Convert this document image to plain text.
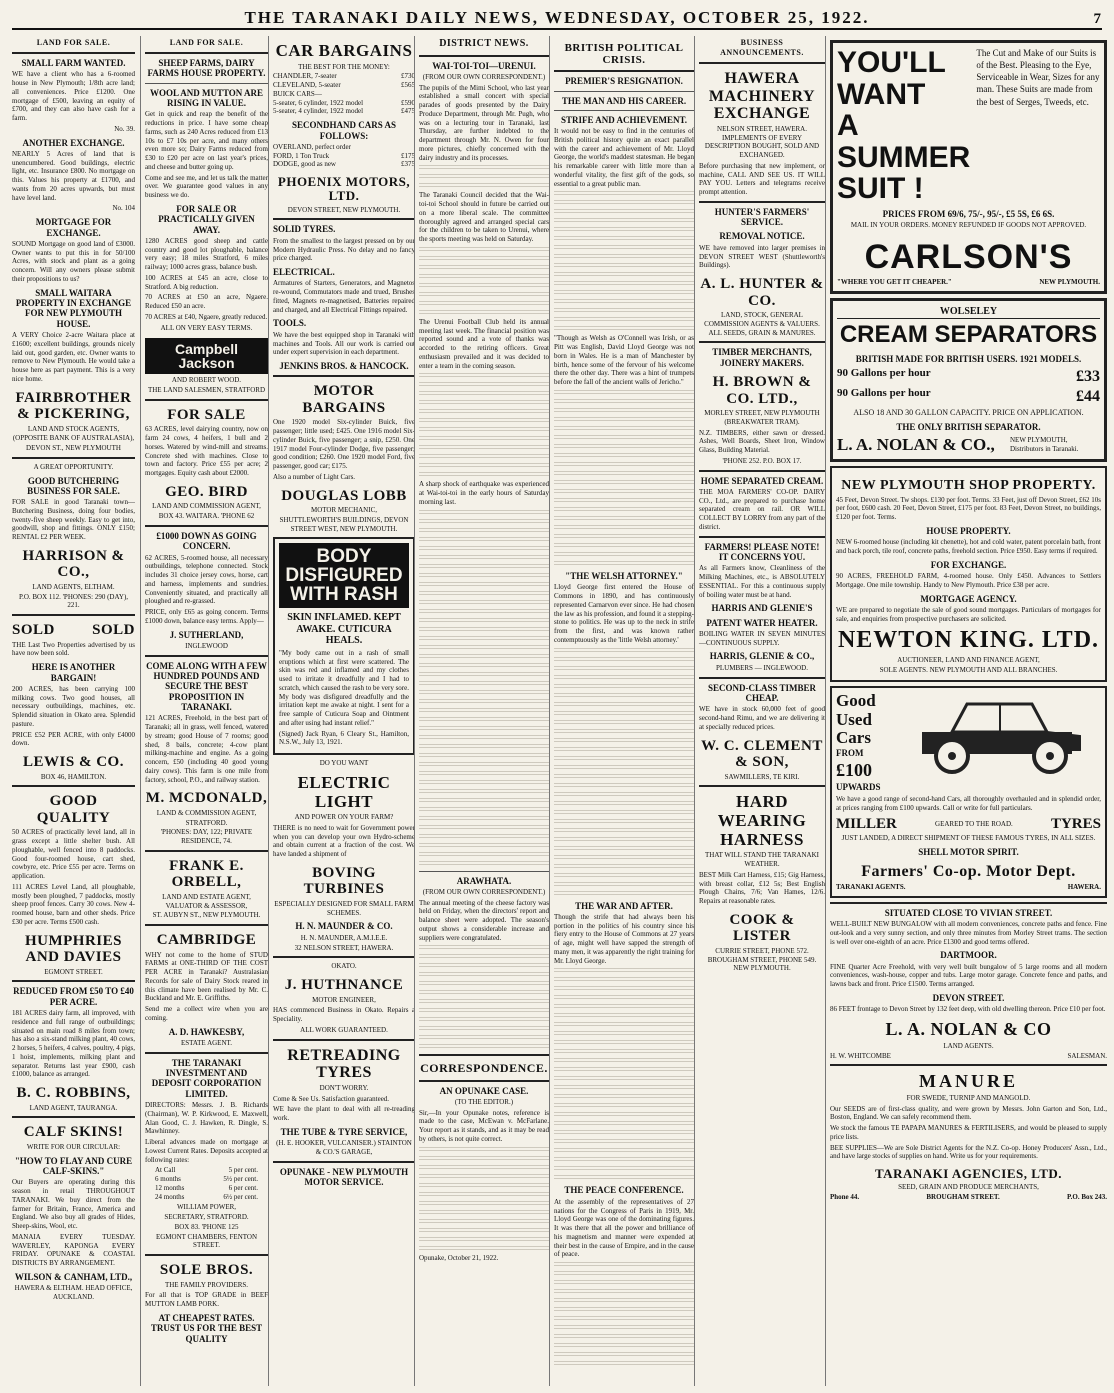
THE TARANAKI DAILY NEWS, WEDNESDAY, OCTOBER 25, 1922.	7
LAND FOR SALE.
SMALL FARM WANTED.
WE have a client who has a 6-roomed house in New Plymouth; 1/8th acre land; all conveniences. Price £1200. One mortgage of £500, leaving an equity of £700, and they can also have cash for a farm.
No. 39.
ANOTHER EXCHANGE.
NEARLY 5 Acres of land that is unencumbered. Good buildings, electric light, etc. Insurance £800. No mortgage on this. Values his property at £1700, and wants from 20 acres upwards, but must have level land.
No. 104
MORTGAGE FOR EXCHANGE.
SOUND Mortgage on good land of £3000. Owner wants to put this in for 50/100 Acres, with stock and plant as a going concern. Will any owners please submit their propositions to us?
SMALL WAITARA PROPERTY IN EXCHANGE FOR NEW PLYMOUTH HOUSE.
A VERY Choice 2-acre Waitara place at £1600; excellent buildings, grounds nicely laid out, good garden, etc. Owner wants to remove to New Plymouth. He would take a house here as part payment. This is a very nice home.
FAIRBROTHER & PICKERING,
LAND AND STOCK AGENTS,
(OPPOSITE BANK OF AUSTRALASIA),
DEVON ST., NEW PLYMOUTH
A GREAT OPPORTUNITY.
GOOD BUTCHERING BUSINESS FOR SALE.
FOR SALE in good Taranaki town—Butchering Business, doing four bodies, twenty-five sheep weekly. Easy to get into, goodwill, shop and fittings. ONLY £150; RENTAL £2 PER WEEK.
HARRISON & CO.,
LAND AGENTS, ELTHAM.
P.O. BOX 112. 'PHONES: 290 (DAY), 221.
SOLD SOLD
THE Last Two Properties advertised by us have now been sold.
HERE IS ANOTHER BARGAIN!
200 ACRES, has been carrying 100 milking cows. Two good houses, all necessary outbuildings, machines, etc. Splendid situation in Okato area. Splendid pasture.
PRICE £52 PER ACRE, with only £4000 down.
LEWIS & CO.
BOX 46, HAMILTON.
GOOD QUALITY
50 ACRES of practically level land, all in grass except a little shelter bush. All ploughable, well fenced into 8 paddocks. Good four-roomed house, cart shed, cowbyre, etc. Price £55 per acre. Terms on application.
111 ACRES Level Land, all ploughable, mostly been ploughed, 7 paddocks, mostly sheep proof fences. Carry 30 cows. New 4-roomed house, barn and other sheds. Price £30 per acre. Terms £500 cash.
HUMPHRIES AND DAVIES
EGMONT STREET.
REDUCED FROM £50 TO £40 PER ACRE.
181 ACRES dairy farm, all improved, with residence and full range of outbuildings; situated on main road 8 miles from town; has also a six-stand milking plant, 40 cows, 2 horses, 5 heifers, 4 calves, poultry, 4 pigs, 1 hoist, implements, milking plant and separator. Returns last year £900, cash £1000, balance as arranged.
B. C. ROBBINS,
LAND AGENT, TAURANGA.
CALF SKINS!
WRITE FOR OUR CIRCULAR:
"HOW TO FLAY AND CURE CALF-SKINS."
Our Buyers are operating during this season in retail THROUGHOUT TARANAKI. We buy direct from the farmer for Britain, France, America and England. We also buy all grades of Hides, Sheep-skins, Wool, etc.
MANAIA EVERY TUESDAY. WAVERLEY, KAPONGA EVERY FRIDAY. OPUNAKE & COASTAL DISTRICTS BY ARRANGEMENT.
WILSON & CANHAM, LTD.,
HAWERA & ELTHAM. HEAD OFFICE, AUCKLAND.
LAND FOR SALE.
SHEEP FARMS, DAIRY FARMS HOUSE PROPERTY.
WOOL AND MUTTON ARE RISING IN VALUE.
Get in quick and reap the benefit of the reductions in price. I have some cheap farms, such as 240 Acres reduced from £13 10s to £7 10s per acre, and many others even more so; Dairy Farms reduced from £30 to £20 per acre on last year's prices, and cheese and butter going up.
Come and see me, and let us talk the matter over. We guarantee good values in any business we do.
FOR SALE OR PRACTICALLY GIVEN AWAY.
1280 ACRES good sheep and cattle country and good lot ploughable, balance very easy; 18 miles Stratford, 6 miles railway; 1000 acres grass, balance bush.
100 ACRES at £45 an acre, close to Stratford. A big reduction.
70 ACRES at £50 an acre, Ngaere. Reduced £50 an acre.
70 ACRES at £40, Ngaere, greatly reduced.
ALL ON VERY EASY TERMS.
Campbell Jackson
AND ROBERT WOOD.
THE LAND SALESMEN, STRATFORD
FOR SALE
63 ACRES, level dairying country, now on farm 24 cows, 4 heifers, 1 bull and 2 horses. Watered by wind-mill and streams. Concrete shed with machines. Close to town and factory. Price £55 per acre; 2 mortgages. Equity cash about £2000.
GEO. BIRD
LAND AND COMMISSION AGENT,
BOX 43. WAITARA. 'PHONE 62
£1000 DOWN AS GOING CONCERN.
62 ACRES, 5-roomed house, all necessary outbuildings, telephone connected. Stock includes 31 choice jersey cows, horse, cart and harness, implements and sundries. Conveniently situated, and practically all ploughed and re-grassed.
PRICE, only £65 as going concern. Terms £1000 down, balance easy terms. Apply—
J. SUTHERLAND,
INGLEWOOD
COME ALONG WITH A FEW HUNDRED POUNDS AND SECURE THE BEST PROPOSITION IN TARANAKI.
121 ACRES, Freehold, in the best part of Taranaki; all in grass, well fenced, watered by stream; good House of 7 rooms; good shed, 8 bails, concrete; 4-cow plant milking-machine and engine. As a going concern, £50 (including 40 good young dairy cows). This farm is one mile from factory, school, P.O., and railway station.
M. MCDONALD,
LAND & COMMISSION AGENT,
STRATFORD.
'PHONES: DAY, 122; PRIVATE RESIDENCE, 74.
FRANK E. ORBELL,
LAND AND ESTATE AGENT, VALUATOR & ASSESSOR,
ST. AUBYN ST., NEW PLYMOUTH.
CAMBRIDGE
WHY not come to the home of STUD FARMS at ONE-THIRD OF THE COST PER ACRE in Taranaki? Australasian Records for sale of Dairy Stock reared in this climate have been realised by Mr. C. Buckland and Mr. E. Griffiths.
Send me a collect wire when you are coming.
A. D. HAWKESBY,
ESTATE AGENT.
THE TARANAKI INVESTMENT AND DEPOSIT CORPORATION LIMITED.
DIRECTORS: Messrs. J. B. Richards (Chairman), W. P. Kirkwood, E. Maxwell, Alan Good, C. J. Hawken, R. Dingle, S. Mawhinney.
Liberal advances made on mortgage at Lowest Current Rates. Deposits accepted at following rates:
At Call	5 per cent.
6 months	5½ per cent.
12 months	6 per cent.
24 months	6½ per cent.
WILLIAM POWER,
SECRETARY, STRATFORD.
BOX 83. 'PHONE 125
EGMONT CHAMBERS, FENTON STREET.
SOLE BROS.
THE FAMILY PROVIDERS.
For all that is TOP GRADE in BEEF MUTTON LAMB PORK.
AT CHEAPEST RATES. TRUST US FOR THE BEST QUALITY
CAR BARGAINS
THE BEST FOR THE MONEY:
CHANDLER, 7-seater	£730
CLEVELAND, 5-seater	£565
BUICK CARS—
5-seater, 6 cylinder, 1922 model	£590
5-seater, 4 cylinder, 1922 model	£475
SECONDHAND CARS AS FOLLOWS:
OVERLAND, perfect order
FORD, 1 Ton Truck	£175
DODGE, good as new	£375
PHOENIX MOTORS, LTD.
DEVON STREET, NEW PLYMOUTH.
SOLID TYRES.
From the smallest to the largest pressed on by our Modern Hydraulic Press. No delay and no fancy price charged.
ELECTRICAL.
Armatures of Starters, Generators, and Magnetos re-wound, Commutators made and trued, Brushes fitted, Magnets re-magnetised, Batteries repaired and charged, and all Electrical Fittings repaired.
TOOLS.
We have the best equipped shop in Taranaki with machines and Tools. All our work is carried out under expert supervision in each department.
JENKINS BROS. & HANCOCK.
MOTOR BARGAINS
One 1920 model Six-cylinder Buick, five passenger; little used; £425. One 1916 model Six-cylinder Buick, five passenger; a snip, £250. One 1917 model Four-cylinder Dodge, five passenger; good condition; £260. One 1920 model Ford, five passenger, good car; £175.
Also a number of Light Cars.
DOUGLAS LOBB
MOTOR MECHANIC,
SHUTTLEWORTH'S BUILDINGS, DEVON STREET WEST, NEW PLYMOUTH.
BODY DISFIGURED WITH RASH
SKIN INFLAMED. KEPT AWAKE. CUTICURA HEALS.
"My body came out in a rash of small eruptions which at first were scattered. The skin was red and inflamed and my clothes used to irritate it dreadfully and I had to scratch, which caused the rash to be very sore. My body was disfigured dreadfully and the irritation kept me awake at night. I sent for a free sample of Cuticura Soap and Ointment and after using had instant relief."
(Signed) Jack Ryan, 6 Cleary St., Hamilton, N.S.W., July 13, 1921.
DO YOU WANT
ELECTRIC LIGHT
AND POWER ON YOUR FARM?
THERE is no need to wait for Government power when you can develop your own Hydro-scheme and obtain current at a fraction of the cost. We have landed a shipment of
BOVING TURBINES
ESPECIALLY DESIGNED FOR SMALL FARM SCHEMES.
H. N. MAUNDER & CO.
H. N. MAUNDER, A.M.I.E.E.
32 NELSON STREET, HAWERA.
OKATO.
J. HUTHNANCE
MOTOR ENGINEER,
HAS commenced Business in Okato. Repairs a Speciality.
ALL WORK GUARANTEED.
RETREADING TYRES
DON'T WORRY.
Come & See Us. Satisfaction guaranteed.
WE have the plant to deal with all re-treading work.
THE TUBE & TYRE SERVICE,
(H. E. HOOKER, VULCANISER.) STAINTON & CO.'S GARAGE,
OPUNAKE - NEW PLYMOUTH MOTOR SERVICE.
DISTRICT NEWS.
WAI-TOI-TOI—URENUI.
(FROM OUR OWN CORRESPONDENT.)
The pupils of the Mimi School, who last year established a small concert with special parades of goods presented by the Dairy Produce Department, through Mr. Pugh, who was on a lecturing tour in Taranaki, last Thursday, are further indebted to the department through Mr. N. Owen for four more pictures, chiefly concerned with the dairy industry and its processes.
The Taranaki Council decided that the Wai-toi-toi School should in future be carried out on a more liberal scale. The committee thoroughly agreed and arranged special cars for the children to be taken to Urenui, where the sports meeting was held on Saturday.
The Urenui Football Club held its annual meeting last week. The financial position was reported sound and a vote of thanks was accorded to the retiring officers. Great enthusiasm prevailed and it was decided to enter a team in the coming season.
A sharp shock of earthquake was experienced at Wai-toi-toi in the early hours of Saturday morning last.
ARAWHATA.
(FROM OUR OWN CORRESPONDENT.)
The annual meeting of the cheese factory was held on Friday, when the directors' report and balance sheet were adopted. The season's output shows a considerable increase and suppliers were congratulated.
CORRESPONDENCE.
AN OPUNAKE CASE.
(TO THE EDITOR.)
Sir,—In your Opunake notes, reference is made to the case, McEwan v. McFarlane. Your report as it stands, and as it may be read by others, is not quite correct.
Opunake, October 21, 1922.
BRITISH POLITICAL CRISIS.
PREMIER'S RESIGNATION.
THE MAN AND HIS CAREER.
STRIFE AND ACHIEVEMENT.
It would not be easy to find in the centuries of British political history quite an exact parallel with the career and achievement of Mr. Lloyd George, the world's maddest statesman. He began his remarkable career with little more than a wonderful vitality, the first gift of the gods, so essential to a great public man.
"Though as Welsh as O'Connell was Irish, or as Pitt was English, David Lloyd George was not born in Wales. He is a man of Manchester by birth, hence some of the fervour of his welcome there the other day. There was a hint of trumpets before the fall of the ancient walls of Jericho."
"THE WELSH ATTORNEY."
Lloyd George first entered the House of Commons in 1890, and has continuously represented Carnarvon ever since. He had chosen the law as his profession, and found it a stepping-stone to politics. He was up to the neck in strife from the first, and was known rather contemptuously as the 'little Welsh attorney.'
THE WAR AND AFTER.
Though the strife that had always been his portion in the politics of his country since his fiery entry to the House of Commons at 27 years of age, might well have sapped the strength of many men, it was apparently the right training for Mr. Lloyd George.
THE PEACE CONFERENCE.
At the assembly of the representatives of 27 nations for the Congress of Paris in 1919, Mr. Lloyd George was one of the dominating figures. It was there that all the power and brilliance of his magnetism and manner were expended at their best in the cause of Empire, and in the cause of peace.
BUSINESS ANNOUNCEMENTS.
HAWERA MACHINERY EXCHANGE
NELSON STREET, HAWERA. IMPLEMENTS OF EVERY DESCRIPTION BOUGHT, SOLD AND EXCHANGED.
Before purchasing that new implement, or machine, CALL AND SEE US. IT WILL PAY YOU. Letters and telegrams receive prompt attention.
HUNTER'S FARMERS' SERVICE.
REMOVAL NOTICE.
WE have removed into larger premises in DEVON STREET WEST (Shuttleworth's Buildings).
A. L. HUNTER & CO.
LAND, STOCK, GENERAL COMMISSION AGENTS & VALUERS. ALL SEEDS, GRAIN & MANURES.
TIMBER MERCHANTS, JOINERY MAKERS.
H. BROWN & CO. LTD.,
MORLEY STREET, NEW PLYMOUTH (BREAKWATER TRAM).
N.Z. TIMBERS, either sawn or dressed. Ashes, Well Boards, Sheet Iron, Window Glass, Building Material.
'PHONE 252. P.O. BOX 17.
HOME SEPARATED CREAM.
THE MOA FARMERS' CO-OP. DAIRY CO., Ltd., are prepared to purchase home separated cream on rail. OR WILL COLLECT BY LORRY from any part of the district.
FARMERS! PLEASE NOTE! IT CONCERNS YOU.
As all Farmers know, Cleanliness of the Milking Machines, etc., is ABSOLUTELY ESSENTIAL. For this a continuous supply of boiling water must be at hand.
HARRIS AND GLENIE'S
PATENT WATER HEATER.
BOILING WATER IN SEVEN MINUTES—CONTINUOUS SUPPLY.
HARRIS, GLENIE & CO.,
PLUMBERS — INGLEWOOD.
SECOND-CLASS TIMBER CHEAP.
WE have in stock 60,000 feet of good second-hand Rimu, and we are delivering it at specially reduced prices.
W. C. CLEMENT & SON,
SAWMILLERS, TE KIRI.
HARD WEARING HARNESS
THAT WILL STAND THE TARANAKI WEATHER.
BEST Milk Cart Harness, £15; Gig Harness, with breast collar, £12 5s; Best English Plough Chains, 7/6; Van Hames, 12/6. Repairs at reasonable rates.
COOK & LISTER
CURRIE STREET, PHONE 572. BROUGHAM STREET, PHONE 549. NEW PLYMOUTH.
YOU'LL
WANT
A
SUMMER
SUIT !
The Cut and Make of our Suits is of the Best. Pleasing to the Eye, Serviceable in Wear, Sizes for any man. These Suits are made from the best of Serges, Tweeds, etc.
PRICES FROM 69/6, 75/-, 95/-, £5 5S, £6 6S.
MAIL IN YOUR ORDERS. MONEY REFUNDED IF GOODS NOT APPROVED.
CARLSON'S
"WHERE YOU GET IT CHEAPER."	NEW PLYMOUTH.
WOLSELEY
CREAM SEPARATORS
BRITISH MADE FOR BRITISH USERS. 1921 MODELS.
90 Gallons per hour	£33
90 Gallons per hour	£44
ALSO 18 AND 30 GALLON CAPACITY. PRICE ON APPLICATION.
THE ONLY BRITISH SEPARATOR.
L. A. NOLAN & CO., NEW PLYMOUTH, Distributors in Taranaki.
NEW PLYMOUTH SHOP PROPERTY.
45 Feet, Devon Street. Tw shops. £130 per foot. Terms. 33 Feet, just off Devon Street, £62 10s per foot, £600 cash. 20 Feet, Devon Street, £175 per foot. 83 Feet, Devon Street, no buildings, £120 per foot. Terms.
HOUSE PROPERTY.
NEW 6-roomed house (including kit chenette), hot and cold water, patent porcelain bath, front and back porch, tile roof, concrete paths, freehold section. Price £950. Easy terms if required.
FOR EXCHANGE.
90 ACRES, FREEHOLD FARM, 4-roomed house. Only £450. Advances to Settlers Mortgage. One mile township. Handy to New Plymouth. Price £38 per acre.
MORTGAGE AGENCY.
WE are prepared to negotiate the sale of good sound mortgages. Particulars of mortgages for sale, and enquiries from prospective purchasers are solicited.
NEWTON KING. LTD.
AUCTIONEER, LAND AND FINANCE AGENT,
SOLE AGENTS. NEW PLYMOUTH AND ALL BRANCHES.
Good Used Cars
FROM
£100
UPWARDS
We have a good range of second-hand Cars, all thoroughly overhauled and in splendid order, at prices ranging from £100 upwards. Call or write for full particulars.
MILLER	GEARED TO THE ROAD.	TYRES
JUST LANDED, A DIRECT SHIPMENT OF THESE FAMOUS TYRES, IN ALL SIZES.
SHELL MOTOR SPIRIT.
Farmers' Co-op. Motor Dept.
TARANAKI AGENTS.	HAWERA.
SITUATED CLOSE TO VIVIAN STREET.
WELL-BUILT NEW BUNGALOW with all modern conveniences, concrete paths and fence. Fine out-look and a very sunny section, and only three minutes from Morley Street trams. The section is well over one-eighth of an acre. Price £1300 and good terms offered.
DARTMOOR.
FINE Quarter Acre Freehold, with very well built bungalow of 5 large rooms and all modern conveniences, wash-house, copper and tubs. Large motor garage. Concrete fence and paths, and lawns back and front. Price £1500. Terms arranged.
DEVON STREET.
86 FEET frontage to Devon Street by 132 feet deep, with old dwelling thereon. Price £10 per foot.
L. A. NOLAN & CO
LAND AGENTS.
H. W. WHITCOMBE	SALESMAN.
MANURE
FOR SWEDE, TURNIP AND MANGOLD.
Our SEEDS are of first-class quality, and were grown by Messrs. John Garton and Son, Ltd., Boston, England. We can safely recommend them.
We stock the famous TE PAPAPA MANURES & FERTILISERS, and would be pleased to supply price lists.
BEE SUPPLIES—We are Sole District Agents for the N.Z. Co-op. Honey Producers' Assn., Ltd., and have large stocks of supplies on hand. Write us for your requirements.
TARANAKI AGENCIES, LTD.
SEED, GRAIN AND PRODUCE MERCHANTS,
Phone 44.	BROUGHAM STREET.	P.O. Box 243.
